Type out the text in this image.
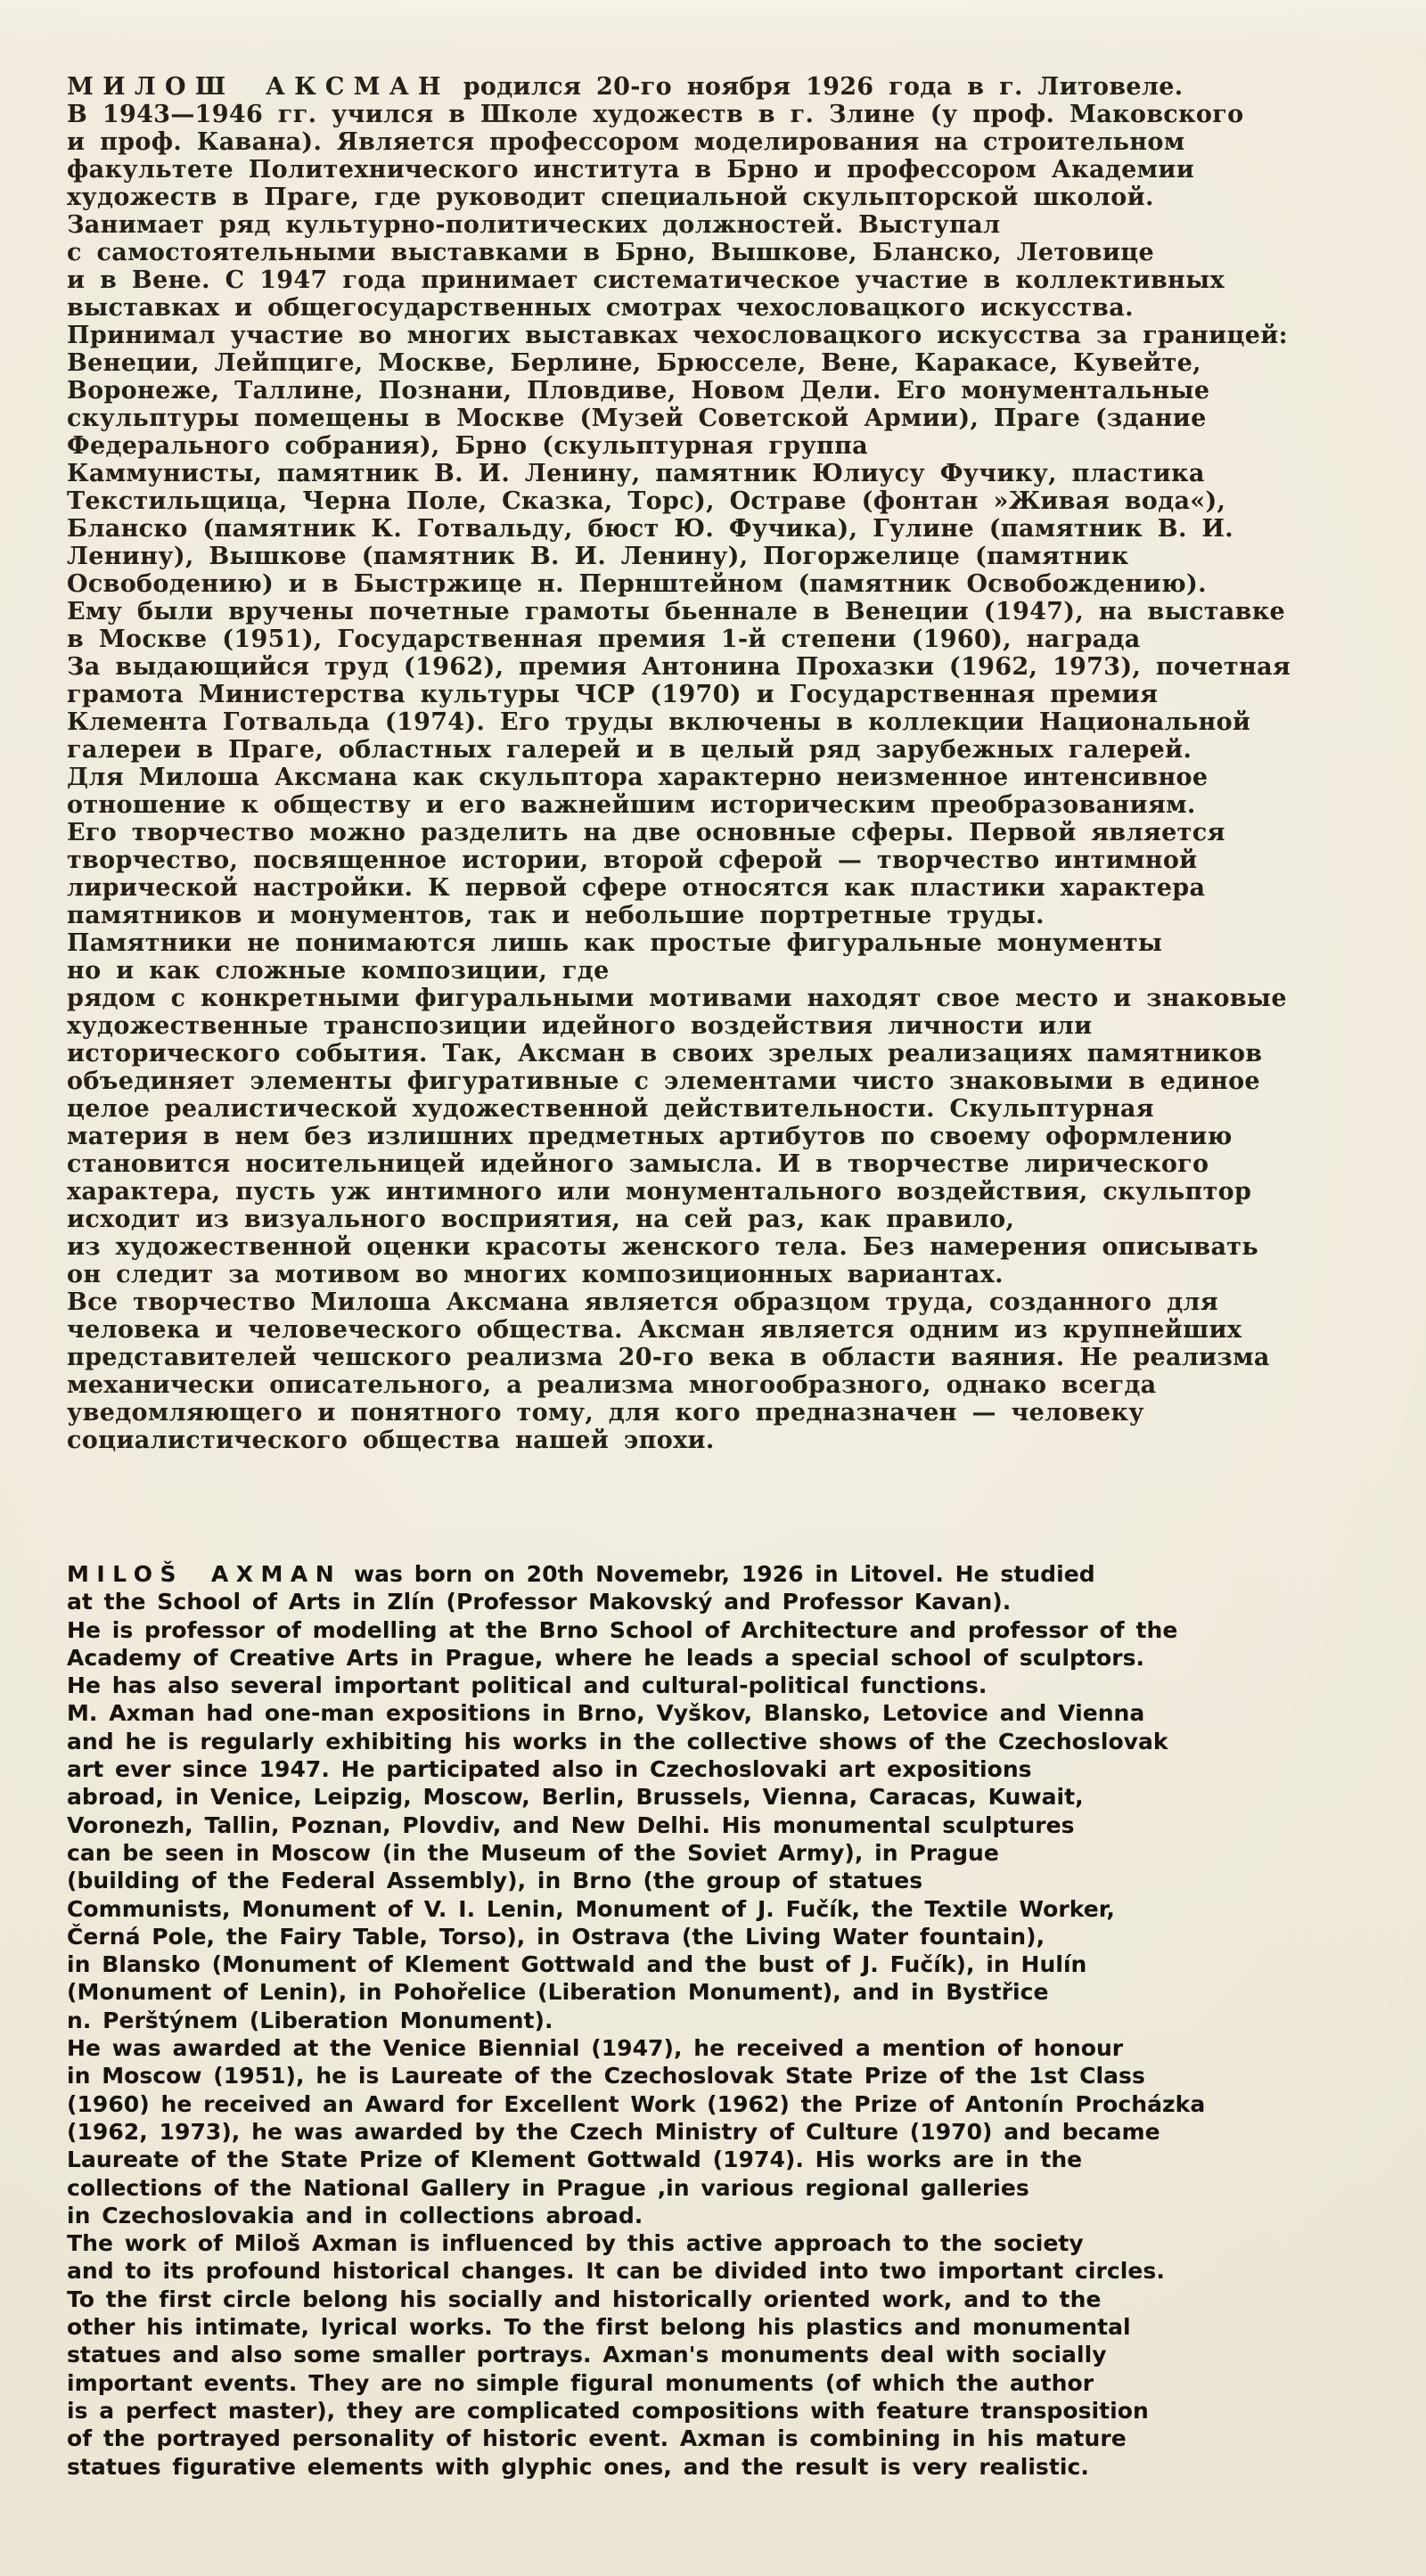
МИЛОШ АКСМАН родился 20-го ноября 1926 года в г. Литовеле.
В 1943—1946 гг. учился в Школе художеств в г. Злине (у проф. Маковского
и проф. Кавана). Является профессором моделирования на строительном
факультете Политехнического института в Брно и профессором Академии
художеств в Праге, где руководит специальной скульпторской школой.
Занимает ряд культурно-политических должностей. Выступал
с самостоятельными выставками в Брно, Вышкове, Бланско, Летовице
и в Вене. С 1947 года принимает систематическое участие в коллективных
выставках и общегосударственных смотрах чехословацкого искусства.
Принимал участие во многих выставках чехословацкого искусства за границей:
Венеции, Лейпциге, Москве, Берлине, Брюсселе, Вене, Каракасе, Кувейте,
Воронеже, Таллине, Познани, Пловдиве, Новом Дели. Его монументальные
скульптуры помещены в Москве (Музей Советской Армии), Праге (здание
Федерального собрания), Брно (скульптурная группа
Каммунисты, памятник В. И. Ленину, памятник Юлиусу Фучику, пластика
Текстильщица, Черна Поле, Сказка, Торс), Остраве (фонтан »Живая вода«),
Бланско (памятник К. Готвальду, бюст Ю. Фучика), Гулине (памятник В. И.
Ленину), Вышкове (памятник В. И. Ленину), Погоржелице (памятник
Освободению) и в Быстржице н. Пернштейном (памятник Освобождению).
Ему были вручены почетные грамоты бьеннале в Венеции (1947), на выставке
в Москве (1951), Государственная премия 1-й степени (1960), награда
За выдающийся труд (1962), премия Антонина Прохазки (1962, 1973), почетная
грамота Министерства культуры ЧСР (1970) и Государственная премия
Клемента Готвальда (1974). Его труды включены в коллекции Национальной
галереи в Праге, областных галерей и в целый ряд зарубежных галерей.
Для Милоша Аксмана как скульптора характерно неизменное интенсивное
отношение к обществу и его важнейшим историческим преобразованиям.
Его творчество можно разделить на две основные сферы. Первой является
творчество, посвященное истории, второй сферой — творчество интимной
лирической настройки. К первой сфере относятся как пластики характера
памятников и монументов, так и небольшие портретные труды.
Памятники не понимаются лишь как простые фигуральные монументы
но и как сложные композиции, где
рядом с конкретными фигуральными мотивами находят свое место и знаковые
художественные транспозиции идейного воздействия личности или
исторического события. Так, Аксман в своих зрелых реализациях памятников
объединяет элементы фигуративные с элементами чисто знаковыми в единое
целое реалистической художественной действительности. Скульптурная
материя в нем без излишних предметных артибутов по своему оформлению
становится носительницей идейного замысла. И в творчестве лирического
характера, пусть уж интимного или монументального воздействия, скульптор
исходит из визуального восприятия, на сей раз, как правило,
из художественной оценки красоты женского тела. Без намерения описывать
он следит за мотивом во многих композиционных вариантах.
Все творчество Милоша Аксмана является образцом труда, созданного для
человека и человеческого общества. Аксман является одним из крупнейших
представителей чешского реализма 20-го века в области ваяния. Не реализма
механически описательного, а реализма многообразного, однако всегда
уведомляющего и понятного тому, для кого предназначен — человеку
социалистического общества нашей эпохи.
MILOŠ AXMAN was born on 20th Novemebr, 1926 in Litovel. He studied
at the School of Arts in Zlín (Professor Makovský and Professor Kavan).
He is professor of modelling at the Brno School of Architecture and professor of the
Academy of Creative Arts in Prague, where he leads a special school of sculptors.
He has also several important political and cultural-political functions.
M. Axman had one-man expositions in Brno, Vyškov, Blansko, Letovice and Vienna
and he is regularly exhibiting his works in the collective shows of the Czechoslovak
art ever since 1947. He participated also in Czechoslovaki art expositions
abroad, in Venice, Leipzig, Moscow, Berlin, Brussels, Vienna, Caracas, Kuwait,
Voronezh, Tallin, Poznan, Plovdiv, and New Delhi. His monumental sculptures
can be seen in Moscow (in the Museum of the Soviet Army), in Prague
(building of the Federal Assembly), in Brno (the group of statues
Communists, Monument of V. I. Lenin, Monument of J. Fučík, the Textile Worker,
Černá Pole, the Fairy Table, Torso), in Ostrava (the Living Water fountain),
in Blansko (Monument of Klement Gottwald and the bust of J. Fučík), in Hulín
(Monument of Lenin), in Pohořelice (Liberation Monument), and in Bystřice
n. Perštýnem (Liberation Monument).
He was awarded at the Venice Biennial (1947), he received a mention of honour
in Moscow (1951), he is Laureate of the Czechoslovak State Prize of the 1st Class
(1960) he received an Award for Excellent Work (1962) the Prize of Antonín Procházka
(1962, 1973), he was awarded by the Czech Ministry of Culture (1970) and became
Laureate of the State Prize of Klement Gottwald (1974). His works are in the
collections of the National Gallery in Prague ,in various regional galleries
in Czechoslovakia and in collections abroad.
The work of Miloš Axman is influenced by this active approach to the society
and to its profound historical changes. It can be divided into two important circles.
To the first circle belong his socially and historically oriented work, and to the
other his intimate, lyrical works. To the first belong his plastics and monumental
statues and also some smaller portrays. Axman's monuments deal with socially
important events. They are no simple figural monuments (of which the author
is a perfect master), they are complicated compositions with feature transposition
of the portrayed personality of historic event. Axman is combining in his mature
statues figurative elements with glyphic ones, and the result is very realistic.
